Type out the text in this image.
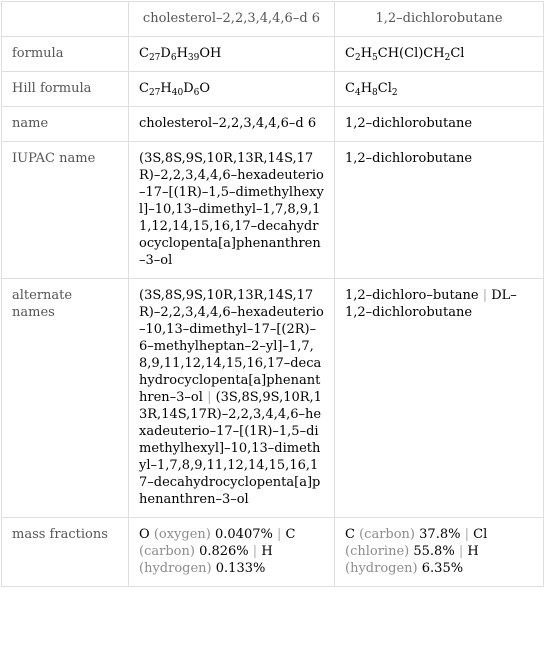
	cholesterol–2,2,3,4,4,6–d 6	1,2–dichlorobutane
formula	$C_{27}D_6H_{39}OH$	$C_2H_5CH(Cl)CH_2Cl$
Hill formula	$C_{27}H_{40}D_6O$	$C_4H_8Cl_2$
name	cholesterol–2,2,3,4,4,6–d 6	1,2–dichlorobutane
IUPAC name	(3S,8S,9S,10R,13R,14S,17R)–2,2,3,4,4,6–hexadeuterio–17–[(1R)–1,5–dimethylhexyl]–10,13–dimethyl–1,7,8,9,11,12,14,15,16,17–decahydrocyclopenta[a]phenanthren–3–ol	1,2–dichlorobutane
alternate names	(3S,8S,9S,10R,13R,14S,17R)–2,2,3,4,4,6–hexadeuterio–10,13–dimethyl–17–[(2R)–6–methylheptan–2–yl]–1,7,8,9,11,12,14,15,16,17–decahydrocyclopenta[a]phenanthren–3–ol | (3S,8S,9S,10R,13R,14S,17R)–2,2,3,4,4,6–hexadeuterio–17–[(1R)–1,5–dimethylhexyl]–10,13–dimethyl–1,7,8,9,11,12,14,15,16,17–decahydrocyclopenta[a]phenanthren–3–ol	1,2–dichloro–butane | DL–1,2–dichlorobutane
mass fractions	O (oxygen) 0.0407% | C (carbon) 0.826% | H (hydrogen) 0.133%	C (carbon) 37.8% | Cl (chlorine) 55.8% | H (hydrogen) 6.35%
